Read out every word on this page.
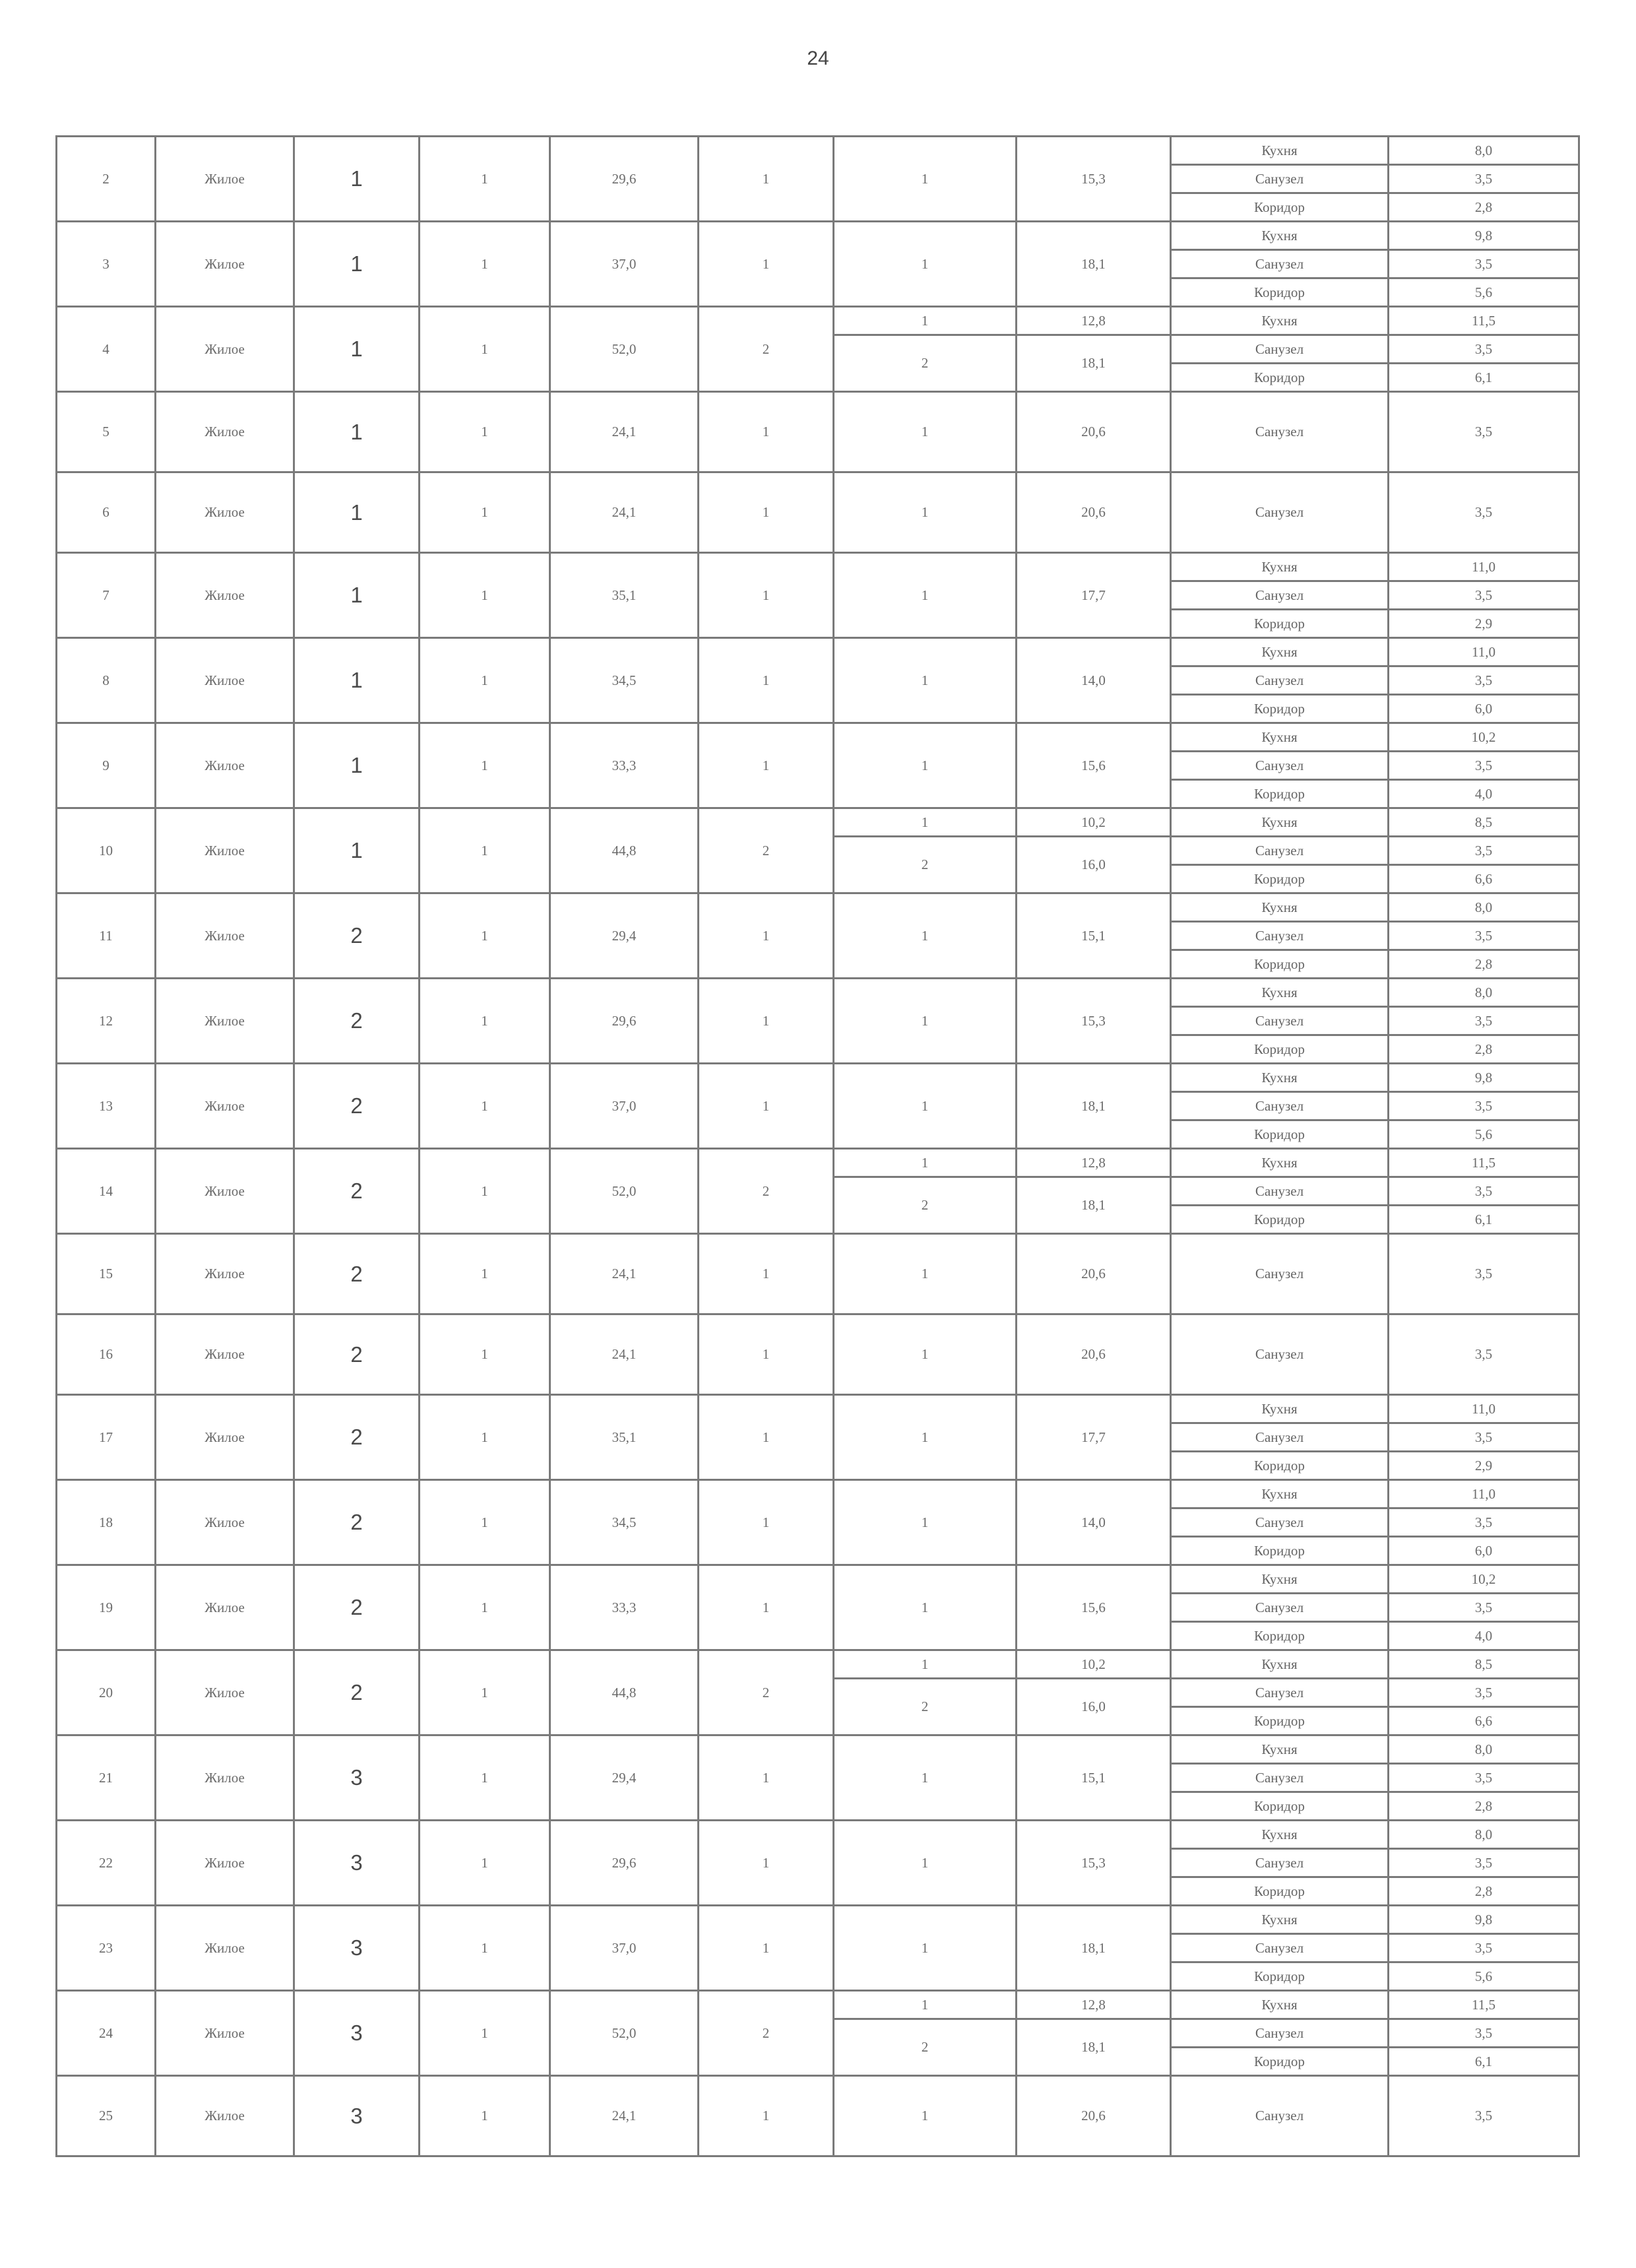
24
2	Жилое	1	1	29,6	1	1	15,3	Кухня	8,0
								Санузел	3,5
								Коридор	2,8
3	Жилое	1	1	37,0	1	1	18,1	Кухня	9,8
								Санузел	3,5
								Коридор	5,6
4	Жилое	1	1	52,0	2	1	12,8	Кухня	11,5
						2	18,1	Санузел	3,5
								Коридор	6,1
5	Жилое	1	1	24,1	1	1	20,6	Санузел	3,5
6	Жилое	1	1	24,1	1	1	20,6	Санузел	3,5
7	Жилое	1	1	35,1	1	1	17,7	Кухня	11,0
								Санузел	3,5
								Коридор	2,9
8	Жилое	1	1	34,5	1	1	14,0	Кухня	11,0
								Санузел	3,5
								Коридор	6,0
9	Жилое	1	1	33,3	1	1	15,6	Кухня	10,2
								Санузел	3,5
								Коридор	4,0
10	Жилое	1	1	44,8	2	1	10,2	Кухня	8,5
						2	16,0	Санузел	3,5
								Коридор	6,6
11	Жилое	2	1	29,4	1	1	15,1	Кухня	8,0
								Санузел	3,5
								Коридор	2,8
12	Жилое	2	1	29,6	1	1	15,3	Кухня	8,0
								Санузел	3,5
								Коридор	2,8
13	Жилое	2	1	37,0	1	1	18,1	Кухня	9,8
								Санузел	3,5
								Коридор	5,6
14	Жилое	2	1	52,0	2	1	12,8	Кухня	11,5
						2	18,1	Санузел	3,5
								Коридор	6,1
15	Жилое	2	1	24,1	1	1	20,6	Санузел	3,5
16	Жилое	2	1	24,1	1	1	20,6	Санузел	3,5
17	Жилое	2	1	35,1	1	1	17,7	Кухня	11,0
								Санузел	3,5
								Коридор	2,9
18	Жилое	2	1	34,5	1	1	14,0	Кухня	11,0
								Санузел	3,5
								Коридор	6,0
19	Жилое	2	1	33,3	1	1	15,6	Кухня	10,2
								Санузел	3,5
								Коридор	4,0
20	Жилое	2	1	44,8	2	1	10,2	Кухня	8,5
						2	16,0	Санузел	3,5
								Коридор	6,6
21	Жилое	3	1	29,4	1	1	15,1	Кухня	8,0
								Санузел	3,5
								Коридор	2,8
22	Жилое	3	1	29,6	1	1	15,3	Кухня	8,0
								Санузел	3,5
								Коридор	2,8
23	Жилое	3	1	37,0	1	1	18,1	Кухня	9,8
								Санузел	3,5
								Коридор	5,6
24	Жилое	3	1	52,0	2	1	12,8	Кухня	11,5
						2	18,1	Санузел	3,5
								Коридор	6,1
25	Жилое	3	1	24,1	1	1	20,6	Санузел	3,5
